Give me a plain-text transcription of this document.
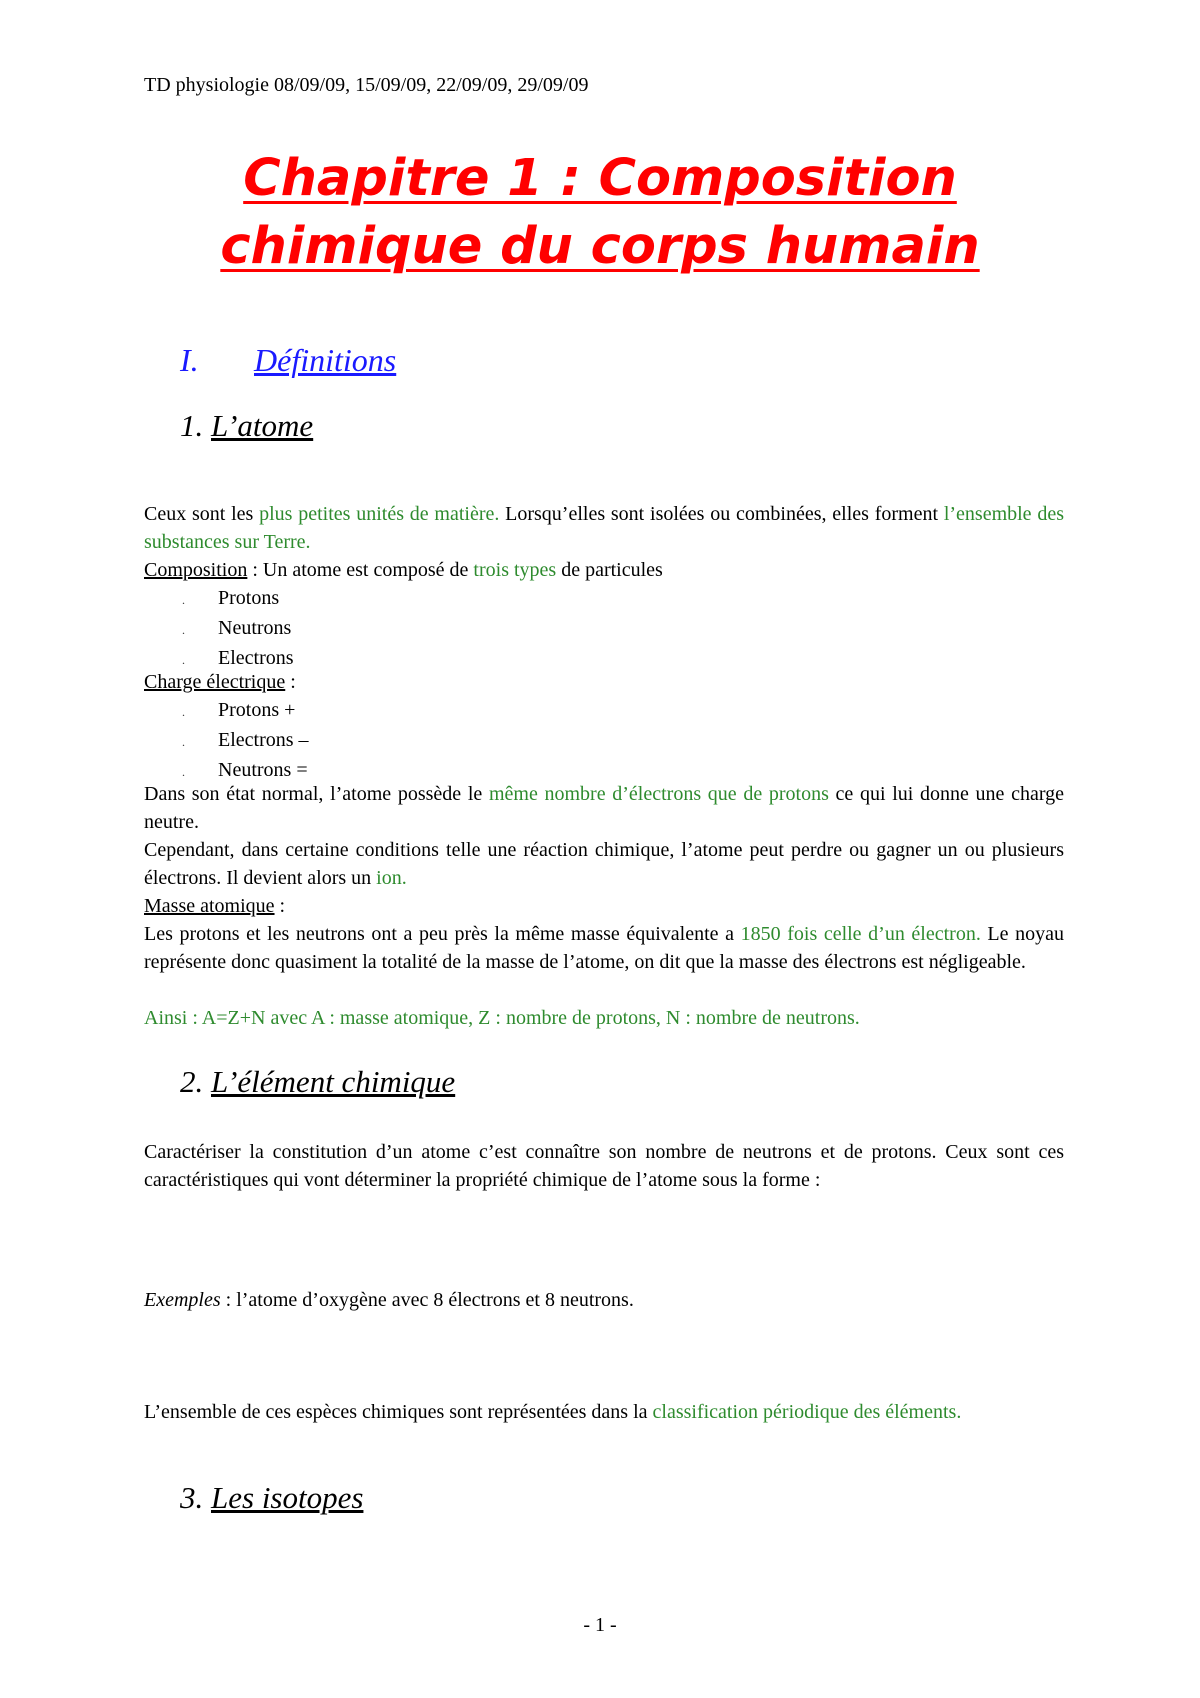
TD physiologie 08/09/09, 15/09/09, 22/09/09, 29/09/09
Chapitre 1 : Composition
chimique du corps humain
I. Définitions
1. L’atome
Ceux sont les plus petites unités de matière. Lorsqu’elles sont isolées ou combinées, elles forment l’ensemble des substances sur Terre.
Composition : Un atome est composé de trois types de particules
. Protons
. Neutrons
. Electrons
Charge électrique :
. Protons +
. Electrons –
. Neutrons =
Dans son état normal, l’atome possède le même nombre d’électrons que de protons ce qui lui donne une charge neutre.
Cependant, dans certaine conditions telle une réaction chimique, l’atome peut perdre ou gagner un ou plusieurs électrons. Il devient alors un ion.
Masse atomique :
Les protons et les neutrons ont a peu près la même masse équivalente a 1850 fois celle d’un électron. Le noyau représente donc quasiment la totalité de la masse de l’atome, on dit que la masse des électrons est négligeable.
Ainsi : A=Z+N avec A : masse atomique, Z : nombre de protons, N : nombre de neutrons.
2. L’élément chimique
Caractériser la constitution d’un atome c’est connaître son nombre de neutrons et de protons. Ceux sont ces caractéristiques qui vont déterminer la propriété chimique de l’atome sous la forme :
Exemples : l’atome d’oxygène avec 8 électrons et 8 neutrons.
L’ensemble de ces espèces chimiques sont représentées dans la classification périodique des éléments.
3. Les isotopes
- 1 -
